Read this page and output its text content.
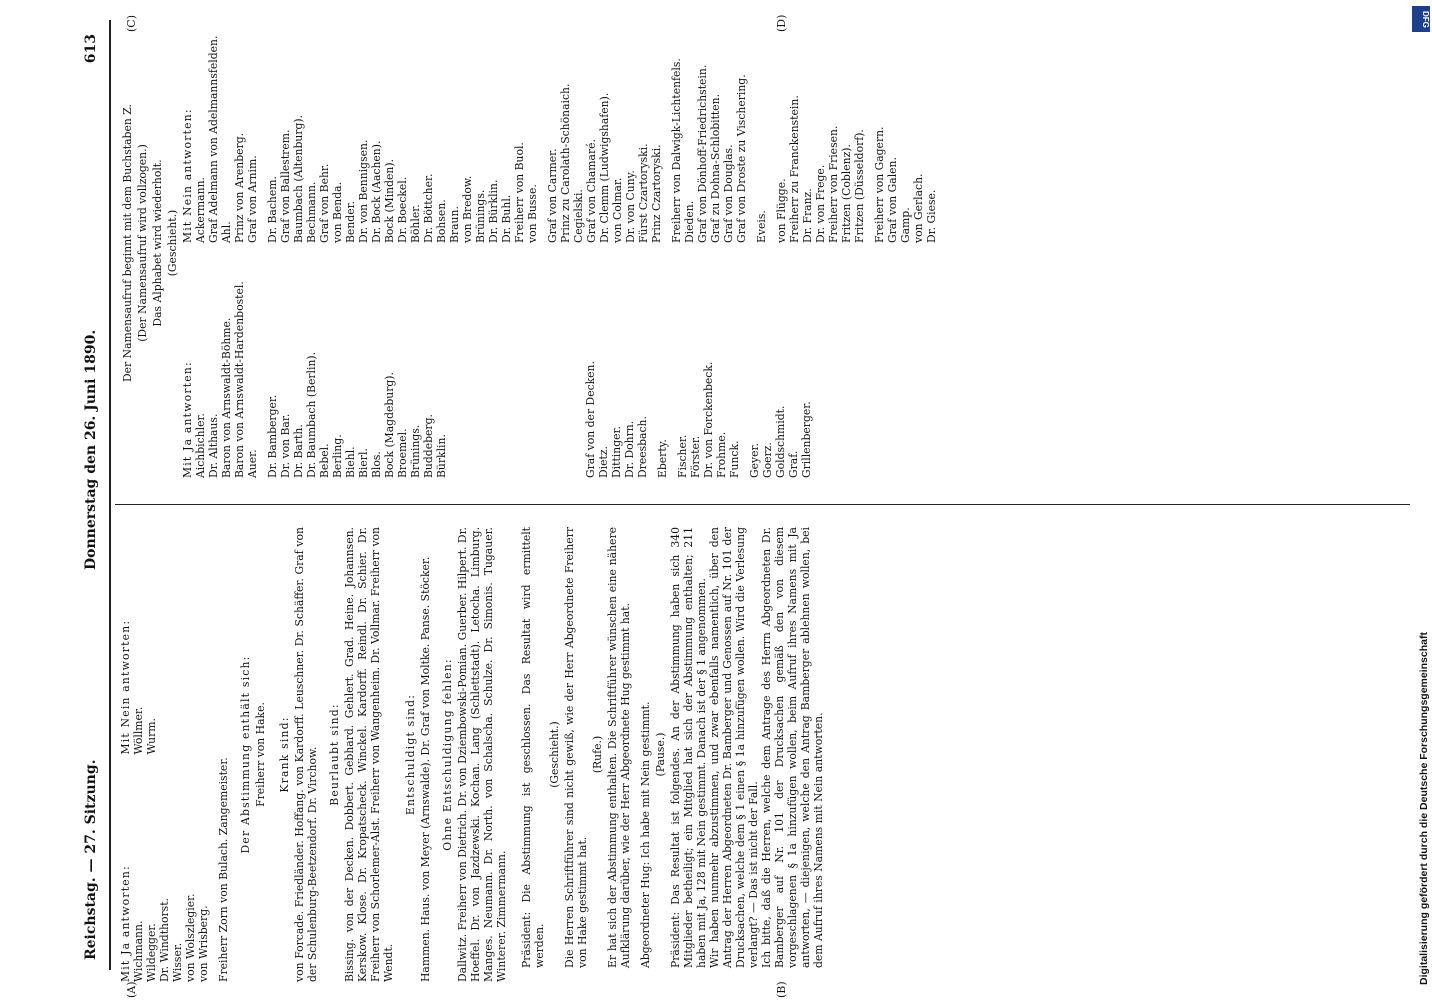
Reichstag. — 27. Sitzung.
Donnerstag den 26. Juni 1890.
613
(A)	(B)
(C)	(D)
Mit Ja antworten: Wichmann. Wildegger. Dr. Windthorst. Wisser. von Wolszlegier. von Wrisberg.
Mit Nein antworten: Wöllmer. Wurm.
Freiherr Zorn von Bulach. Zangemeister.
Der Abstimmung enthält sich: Freiherr von Hake. Krank sind: von Forcade. Friedländer. Hoffang. von Kardorff. Leuschner. Dr. Schäffer. Graf von der Schulenburg-Beetzendorf. Dr. Virchow. Beurlaubt sind: Bissing. von der Decken. Dobbert. Gebhard. Gehlert. Grad. Heine. Johannsen. Kerskow. Klose. Dr. Kropatscheck. Winckel. Kardorff. Reindl. Dr. Schier. Dr. Freiherr von Schorlemer-Alst. Freiherr von Wangenheim. Dr. Vollmar. Freiherr von Wendt.

Entschuldigt sind: Hammen. Haus. von Meyer (Arnswalde). Dr. Graf von Moltke. Panse. Stöcker. Ohne Entschuldigung fehlen: Dallwitz. Freiherr von Dietrich. Dr. von Dziembowski-Pomian. Guerber. Hilpert. Dr. Hoeffel. Dr. von Jazdzewski. Kochan. Lang (Schlettstadt). Letocha. Limburg. Manges. Neumann. Dr. North. von Schalscha. Schulze. Dr. Simonis. Tugauer. Winterer. Zimmermann. Präsident: Die Abstimmung ist geschlossen. Das Resultat wird ermittelt werden.

(Geschieht.) Die Herren Schriftführer sind nicht gewiß, wie der Herr Abgeordnete Freiherr von Hake gestimmt hat.

(Rufe.) Er hat sich der Abstimmung enthalten. Die Schriftführer wünschen eine nähere Aufklärung darüber, wie der Herr Abgeordnete Hug gestimmt hat. Abgeordneter Hug: Ich habe mit Nein gestimmt. (Pause.) Präsident: Das Resultat ist folgendes. An der Abstimmung haben sich 340 Mitglieder betheiligt; ein Mitglied hat sich der Abstimmung enthalten; 211 haben mit Ja, 128 mit Nein gestimmt. Danach ist der § 1 angenommen. Wir haben nunmehr abzustimmen, und zwar ebenfalls namentlich, über den Antrag der Herren Abgeordneten Dr. Bamberger und Genossen auf Nr. 101 der Drucksachen, welche dem § 1 einen § 1a hinzufügen wollen. Wird die Verlesung verlangt? — Das ist nicht der Fall. Ich bitte, daß die Herren, welche dem Antrage des Herrn Abgeordneten Dr. Bamberger auf Nr. 101 der Drucksachen gemäß den von diesem vorgeschlagenen § 1a hinzufügen wollen, beim Aufruf ihres Namens mit Ja antworten, — diejenigen, welche den Antrag Bamberger ablehnen wollen, bei dem Aufruf ihres Namens mit Nein antworten.

Der Namensaufruf beginnt mit dem Buchstaben Z. (Der Namensaufruf wird vollzogen.) Das Alphabet wird wiederholt. (Geschieht.)
Mit Ja antworten: Aichbichler. Dr. Althaus. Baron von Arnswaldt-Böhme. Baron von Arnswaldt-Hardenbostel. Auer. Dr. Bamberger. Dr. von Bar. Dr. Barth. Dr. Baumbach (Berlin). Bebel. Berling. Biehl. Bierl. Blos. Bock (Magdeburg). Broemel. Brünings. Buddeberg. Bürklin.	Graf von der Decken. Dietz. Dittinger. Dr. Dohrn. Dreesbach. Eberty. Fischer. Förster. Dr. von Forckenbeck. Frohme. Funck. Geyer. Goerz. Goldschmidt. Graf. Grillenberger.
Mit Nein antworten: Ackermann. Graf Adelmann von Adelmannsfelden. Ahl. Prinz von Arenberg. Graf von Arnim. Dr. Bachem. Graf von Ballestrem. Baumbach (Altenburg). Bechmann. Graf von Behr. von Benda. Bender. Dr. von Bennigsen. Dr. Bock (Aachen). Bock (Minden). Dr. Boeckel. Böhler. Dr. Böttcher. Bohsen. Braun. von Bredow. Brünings. Dr. Bürklin. Dr. Buhl. Freiherr von Buol. von Busse. Graf von Carmer. Prinz zu Carolath-Schönaich. Cegielski. Graf von Chamaré. Dr. Clemm (Ludwigshafen). von Colmar. Dr. von Cuny. Fürst Czartoryski. Prinz Czartoryski. Freiherr von Dalwigk-Lichtenfels. Dieden. Graf von Dönhoff-Friedrichstein. Graf zu Dohna-Schlobitten. Graf von Douglas. Graf von Droste zu Vischering. Eveis. von Flügge. Freiherr zu Franckenstein. Dr. Franz. Dr. von Frege. Freiherr von Friesen. Fritzen (Coblenz). Fritzen (Düsseldorf). Freiherr von Gagern. Graf von Galen. Gamp. von Gerlach. Dr. Giese.
DFG
Digitalisierung gefördert durch die Deutsche Forschungsgemeinschaft
